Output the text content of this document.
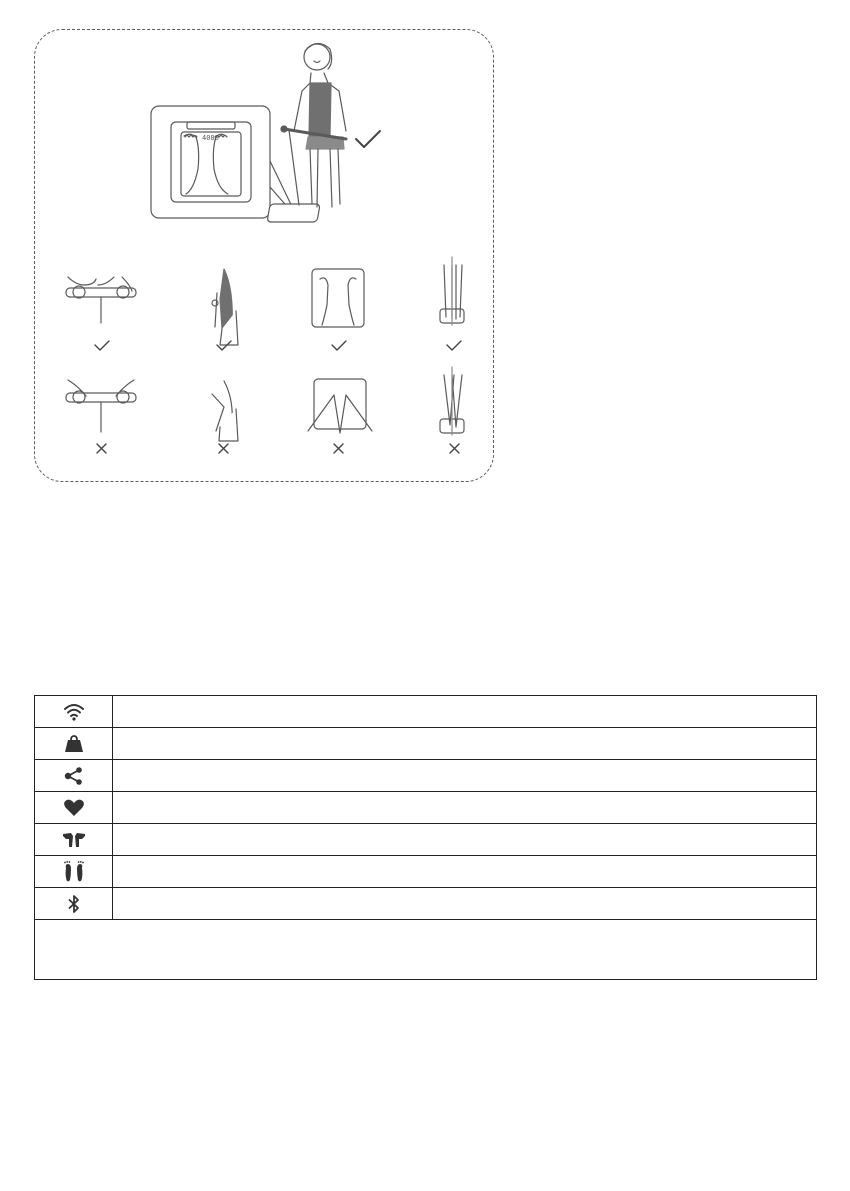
4080
